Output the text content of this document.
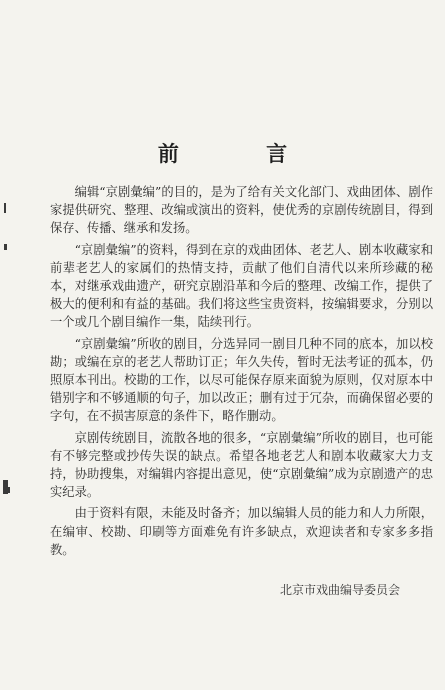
前 言

编辑“京剧彙编”的目的，是为了给有关文化部门、戏曲团体、剧作家提供研究、整理、改编或演出的资料，使优秀的京剧传统剧目，得到保存、传播、继承和发扬。

“京剧彙编”的资料，得到在京的戏曲团体、老艺人、剧本收藏家和前辈老艺人的家属们的热情支持，贡献了他们自清代以来所珍藏的秘本，对继承戏曲遗产，研究京剧沿革和今后的整理、改编工作，提供了极大的便利和有益的基础。我们将这些宝贵资料，按编辑要求，分别以一个或几个剧目编作一集，陆续刊行。

“京剧彙编”所收的剧目，分选异同一剧目几种不同的底本，加以校勘；或编在京的老艺人帮助订正；年久失传，暂时无法考证的孤本，仍照原本刊出。校勘的工作，以尽可能保存原来面貌为原则，仅对原本中错别字和不够通顺的句子，加以改正；删有过于冗杂，而确保留必要的字句，在不损害原意的条件下，略作删动。

京剧传统剧目，流散各地的很多，“京剧彙编”所收的剧目，也可能有不够完整或抄传失误的缺点。希望各地老艺人和剧本收藏家大力支持，协助搜集，对编辑内容提出意见，使“京剧彙编”成为京剧遗产的忠实纪录。

由于资料有限，未能及时备齐；加以编辑人员的能力和人力所限，在编审、校勘、印刷等方面难免有许多缺点，欢迎读者和专家多多指教。

北京市戏曲编导委员会
